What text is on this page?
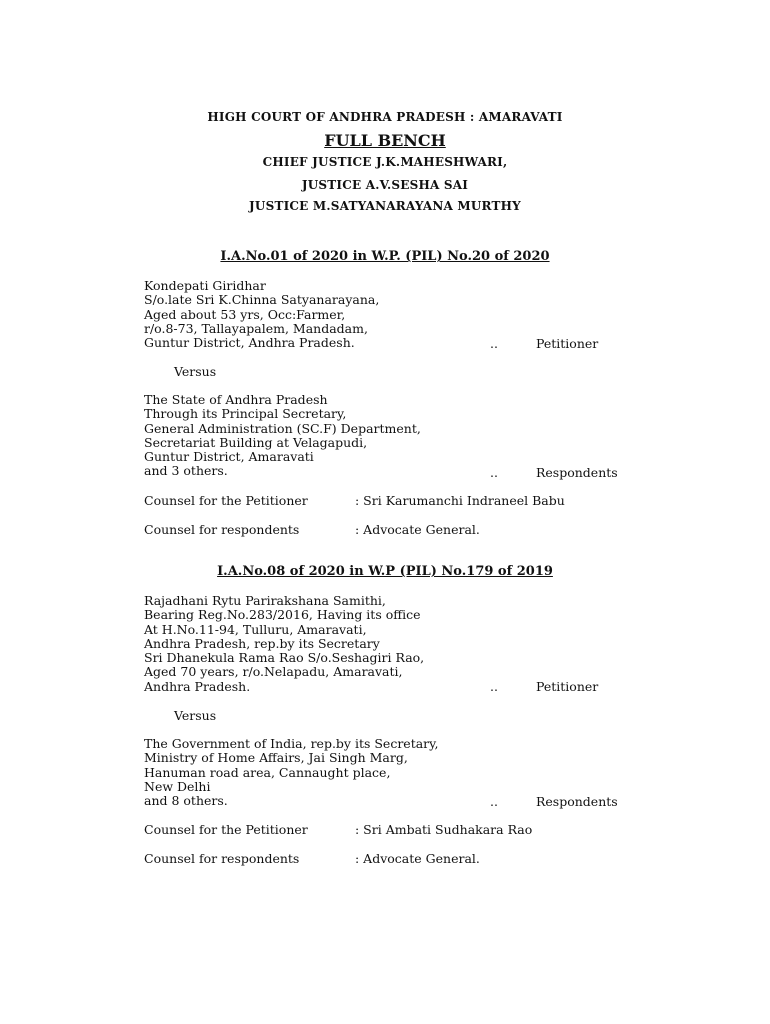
HIGH COURT OF ANDHRA PRADESH : AMARAVATI
FULL BENCH
CHIEF JUSTICE J.K.MAHESHWARI,
JUSTICE A.V.SESHA SAI
JUSTICE M.SATYANARAYANA MURTHY
I.A.No.01 of 2020 in W.P. (PIL) No.20 of 2020
Kondepati Giridhar
S/o.late Sri K.Chinna Satyanarayana,
Aged about 53 yrs, Occ:Farmer,
r/o.8-73, Tallayapalem, Mandadam,
Guntur District, Andhra Pradesh.	..	Petitioner
Versus
The State of Andhra Pradesh
Through its Principal Secretary,
General Administration (SC.F) Department,
Secretariat Building at Velagapudi,
Guntur District, Amaravati
and 3 others.	..	Respondents
Counsel for the Petitioner	: Sri Karumanchi Indraneel Babu
Counsel for respondents	: Advocate General.
I.A.No.08 of 2020 in W.P (PIL) No.179 of 2019
Rajadhani Rytu Parirakshana Samithi,
Bearing Reg.No.283/2016, Having its office
At H.No.11-94, Tulluru, Amaravati,
Andhra Pradesh, rep.by its Secretary
Sri Dhanekula Rama Rao S/o.Seshagiri Rao,
Aged 70 years, r/o.Nelapadu, Amaravati,
Andhra Pradesh.	..	Petitioner
Versus
The Government of India, rep.by its Secretary,
Ministry of Home Affairs, Jai Singh Marg,
Hanuman road area, Cannaught place,
New Delhi
and 8 others.	..	Respondents
Counsel for the Petitioner	: Sri Ambati Sudhakara Rao
Counsel for respondents	: Advocate General.
